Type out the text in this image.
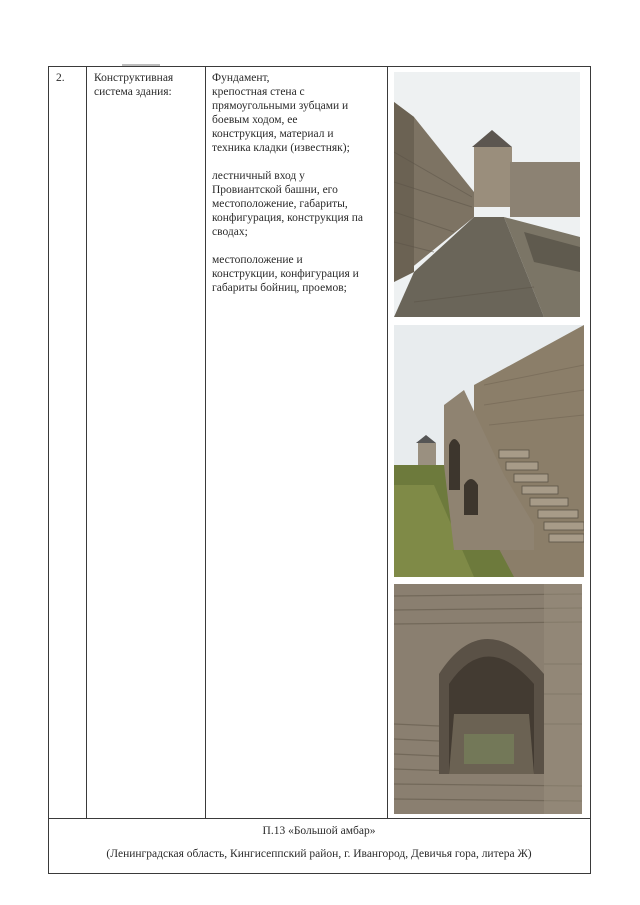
2.	Конструктивная
система здания:
Фундамент,
крепостная стена с
прямоугольными зубцами и
боевым ходом, ее
конструкция, материал и
техника кладки (известняк);
лестничный вход у
Провиантской башни, его
местоположение, габариты,
конфигурация, конструкция па
сводах;
местоположение и
конструкции, конфигурация и
габариты бойниц, проемов;
П.13 «Большой амбар»
(Ленинградская область, Кингисеппский район, г. Ивангород, Девичья гора, литера Ж)
